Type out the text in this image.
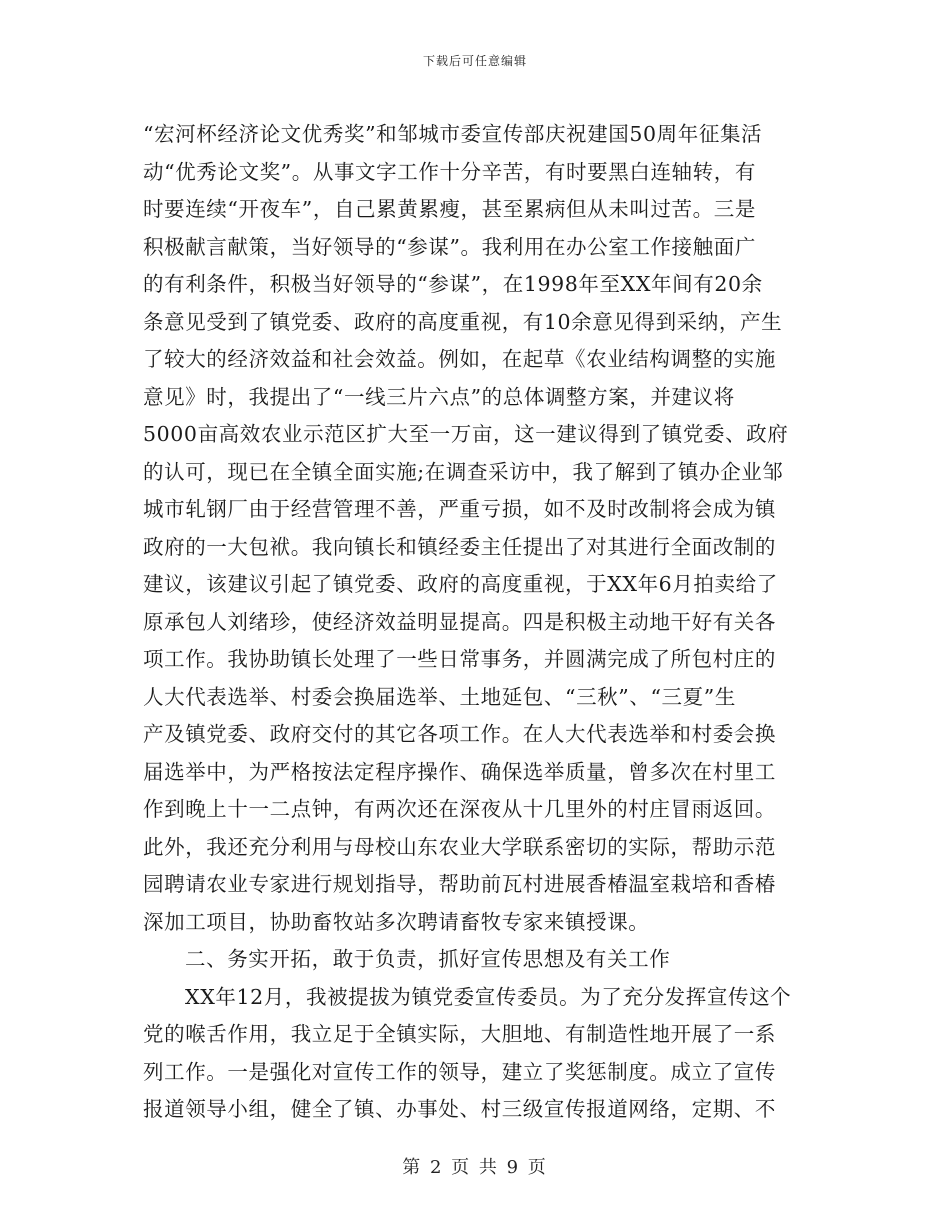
下载后可任意编辑
“宏河杯经济论文优秀奖”和邹城市委宣传部庆祝建国50周年征集活
动“优秀论文奖”。从事文字工作十分辛苦，有时要黑白连轴转，有
时要连续“开夜车”，自己累黄累瘦，甚至累病但从未叫过苦。三是
积极献言献策，当好领导的“参谋”。我利用在办公室工作接触面广
的有利条件，积极当好领导的“参谋”，在1998年至XX年间有20余
条意见受到了镇党委、政府的高度重视，有10余意见得到采纳，产生
了较大的经济效益和社会效益。例如，在起草《农业结构调整的实施
意见》时，我提出了“一线三片六点”的总体调整方案，并建议将
5000亩高效农业示范区扩大至一万亩，这一建议得到了镇党委、政府
的认可，现已在全镇全面实施;在调查采访中，我了解到了镇办企业邹
城市轧钢厂由于经营管理不善，严重亏损，如不及时改制将会成为镇
政府的一大包袱。我向镇长和镇经委主任提出了对其进行全面改制的
建议，该建议引起了镇党委、政府的高度重视，于XX年6月拍卖给了
原承包人刘绪珍，使经济效益明显提高。四是积极主动地干好有关各
项工作。我协助镇长处理了一些日常事务，并圆满完成了所包村庄的
人大代表选举、村委会换届选举、土地延包、“三秋”、“三夏”生
产及镇党委、政府交付的其它各项工作。在人大代表选举和村委会换
届选举中，为严格按法定程序操作、确保选举质量，曾多次在村里工
作到晚上十一二点钟，有两次还在深夜从十几里外的村庄冒雨返回。
此外，我还充分利用与母校山东农业大学联系密切的实际，帮助示范
园聘请农业专家进行规划指导，帮助前瓦村进展香椿温室栽培和香椿
深加工项目，协助畜牧站多次聘请畜牧专家来镇授课。
二、务实开拓，敢于负责，抓好宣传思想及有关工作
XX年12月，我被提拔为镇党委宣传委员。为了充分发挥宣传这个
党的喉舌作用，我立足于全镇实际，大胆地、有制造性地开展了一系
列工作。一是强化对宣传工作的领导，建立了奖惩制度。成立了宣传
报道领导小组，健全了镇、办事处、村三级宣传报道网络，定期、不
第 2 页 共 9 页
